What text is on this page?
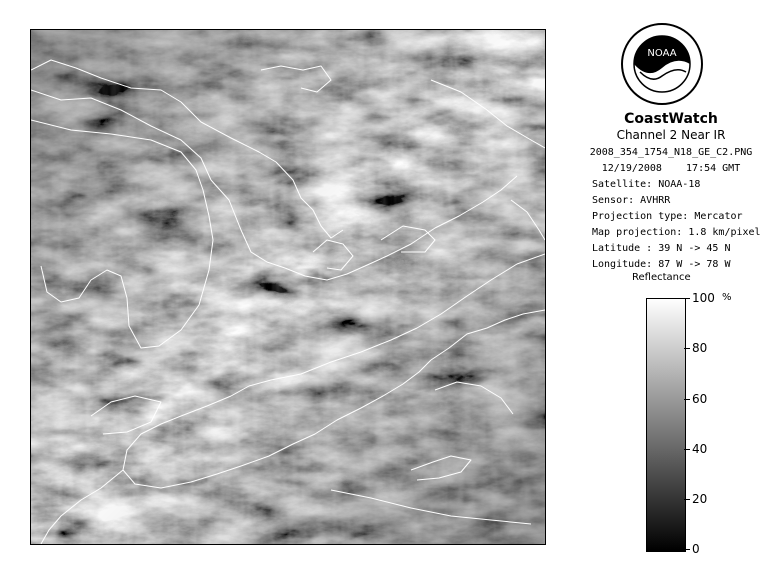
NOAA
CoastWatch
Channel 2 Near IR
2008_354_1754_N18_GE_C2.PNG
12/19/2008    17:54 GMT
Satellite: NOAA-18
Sensor: AVHRR
Projection type: Mercator
Map projection: 1.8 km/pixel
Latitude : 39 N -> 45 N
Longitude: 87 W -> 78 W
Reflectance
%
100
80
60
40
20
0
